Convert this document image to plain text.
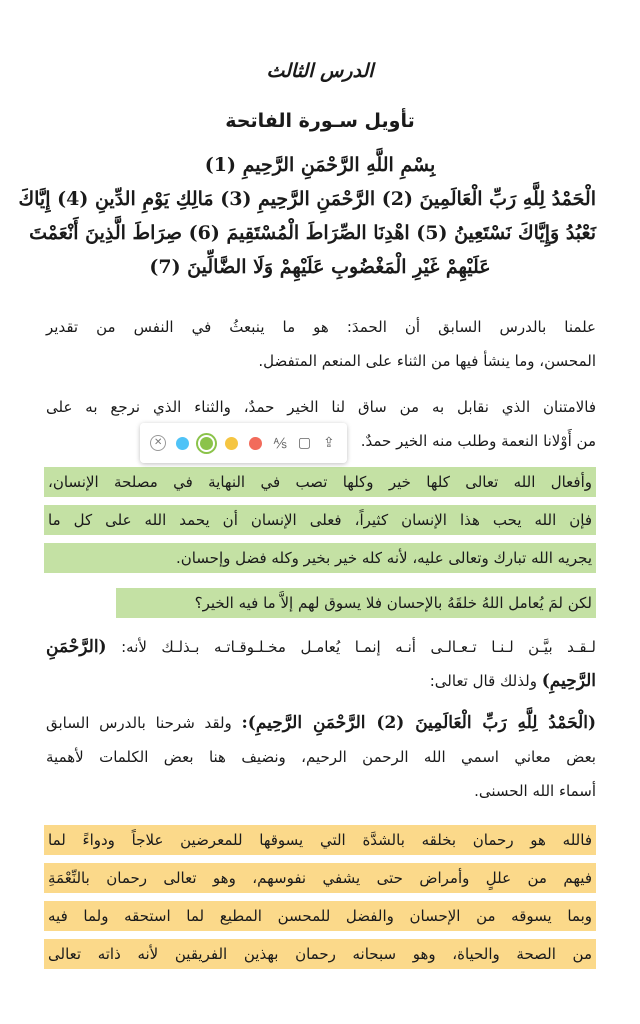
الدرس الثالث
تأويل سـورة الفاتحة
بِسْمِ اللَّهِ الرَّحْمَنِ الرَّحِيمِ (1)
الْحَمْدُ لِلَّهِ رَبِّ الْعَالَمِينَ (2) الرَّحْمَنِ الرَّحِيمِ (3) مَالِكِ يَوْمِ الدِّينِ (4) إِيَّاكَ
نَعْبُدُ وَإِيَّاكَ نَسْتَعِينُ (5) اهْدِنَا الصِّرَاطَ الْمُسْتَقِيمَ (6) صِرَاطَ الَّذِينَ أَنْعَمْتَ
عَلَيْهِمْ غَيْرِ الْمَغْضُوبِ عَلَيْهِمْ وَلَا الضَّالِّينَ (7)
علمنا بالدرس السابق أن الحمدَ: هو ما ينبعثُ في النفس من تقدير
المحسن، وما ينشأ فيها من الثناء على المنعم المتفضل.
فالامتنان الذي نقابل به من ساق لنا الخير حمدٌ، والثناء الذي نرجع به على
من أَوْلانا النعمة وطلب منه الخير حمدٌ.
وأفعال الله تعالى كلها خير وكلها تصب في النهاية في مصلحة الإنسان،
فإن الله يحب هذا الإنسان كثيراً، فعلى الإنسان أن يحمد الله على كل ما
يجريه الله تبارك وتعالى عليه، لأنه كله خير بخير وكله فضل وإحسان.
لكن لمَ يُعامل اللهُ خلقَهُ بالإحسان فلا يسوق لهم إلاَّ ما فيه الخير؟
لـقـد بيَّـن لـنـا تـعـالـى أنـه إنمـا يُعامـل مخـلـوقـاتـه بـذلـك لأنه: (الرَّحْمَنِ
الرَّحِيمِ) ولذلك قال تعالى:
(الْحَمْدُ لِلَّهِ رَبِّ الْعَالَمِينَ (2) الرَّحْمَنِ الرَّحِيمِ): ولقد شرحنا بالدرس السابق
بعض معاني اسمي الله الرحمن الرحيم، ونضيف هنا بعض الكلمات لأهمية
أسماء الله الحسنى.
فالله هو رحمان بخلقه بالشدَّة التي يسوقها للمعرضين علاجاً ودواءً لما
فيهم من عللٍ وأمراض حتى يشفي نفوسهم، وهو تعالى رحمان بالنِّعْمَةِ
وبما يسوقه من الإحسان والفضل للمحسن المطيع لما استحقه ولما فيه
من الصحة والحياة، وهو سبحانه رحمان بهذين الفريقين لأنه ذاته تعالى
✕	⅍ ▢ ⇪
